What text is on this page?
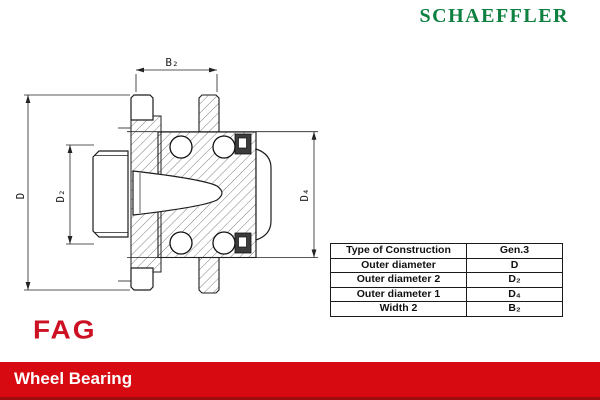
SCHAEFFLER
B₂
D D₂	D₄
Type of Construction	Gen.3
Outer diameter	D
Outer diameter 2	D₂
Outer diameter 1	D₄
Width 2	B₂
FAG
Wheel Bearing
